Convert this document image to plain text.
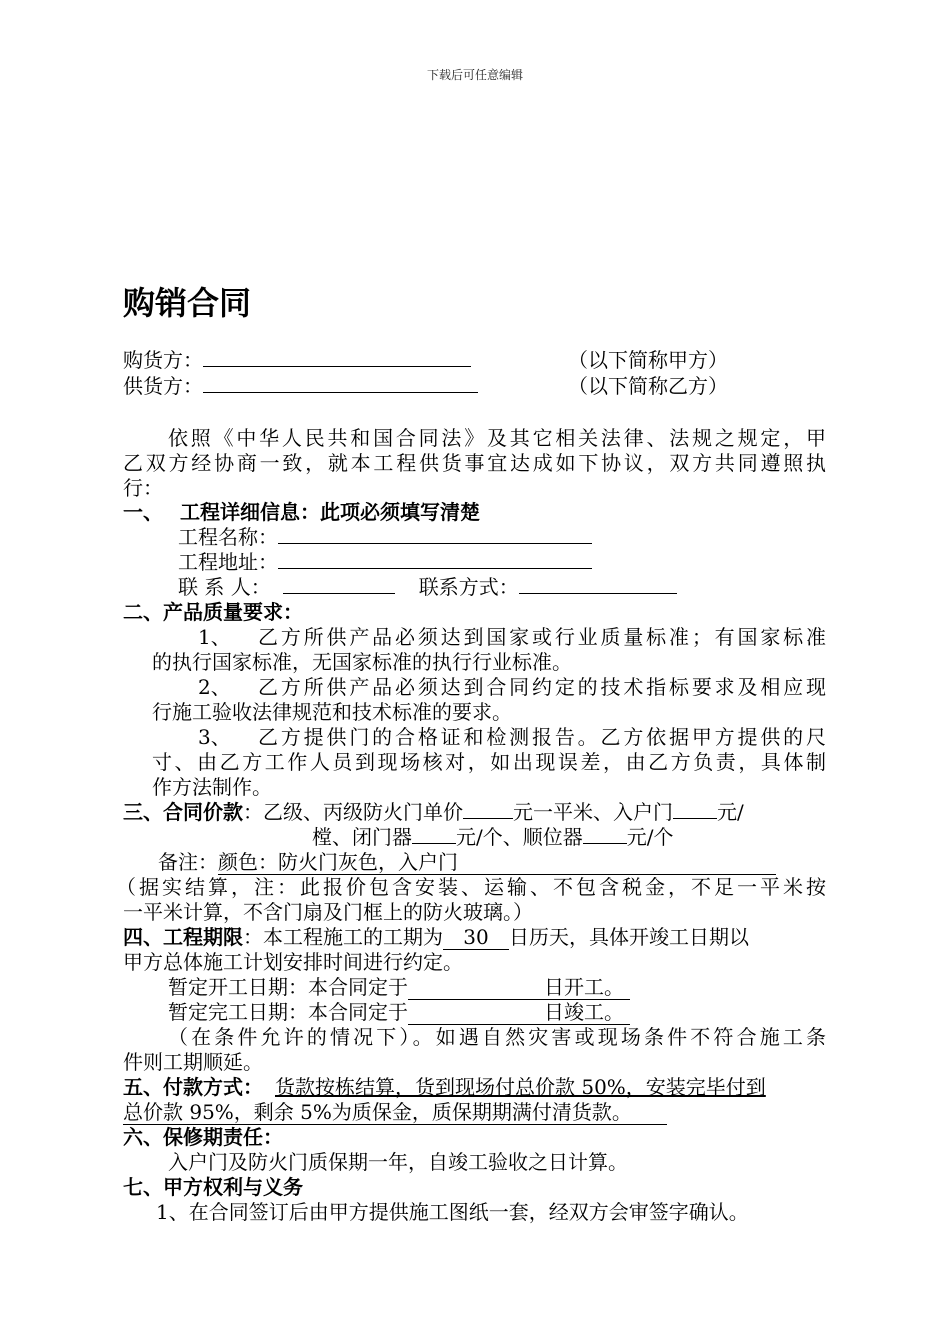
下载后可任意编辑
购销合同
购货方：	（以下简称甲方）
供货方：	（以下简称乙方）
依照《中华人民共和国合同法》及其它相关法律、法规之规定，甲
乙双方经协商一致，就本工程供货事宜达成如下协议，双方共同遵照执
行：
一、 工程详细信息：此项必须填写清楚
工程名称：
工程地址：
联 系 人：	联系方式：
二、产品质量要求：
1、 乙方所供产品必须达到国家或行业质量标准；有国家标准
的执行国家标准，无国家标准的执行行业标准。
2、 乙方所供产品必须达到合同约定的技术指标要求及相应现
行施工验收法律规范和技术标准的要求。
3、 乙方提供门的合格证和检测报告。乙方依据甲方提供的尺
寸、由乙方工作人员到现场核对，如出现误差，由乙方负责，具体制
作方法制作。
三、合同价款：乙级、丙级防火门单价	元一平米、入户门 元/
樘、闭门器 元/个、顺位器 元/个
备注：颜色：防火门灰色，入户门
（据实结算，注：此报价包含安装、运输、不包含税金，不足一平米按
一平米计算，不含门扇及门框上的防火玻璃。）
四、工程期限：本工程施工的工期为 30 日历天，具体开竣工日期以
甲方总体施工计划安排时间进行约定。
暂定开工日期：本合同定于	日开工。
暂定完工日期：本合同定于	日竣工。
（在条件允许的情况下）。如遇自然灾害或现场条件不符合施工条
件则工期顺延。
五、付款方式： 货款按栋结算，货到现场付总价款 50%，安装完毕付到
总价款 95%，剩余 5%为质保金，质保期期满付清货款。
六、保修期责任：
入户门及防火门质保期一年，自竣工验收之日计算。
七、甲方权利与义务
1、在合同签订后由甲方提供施工图纸一套，经双方会审签字确认。
